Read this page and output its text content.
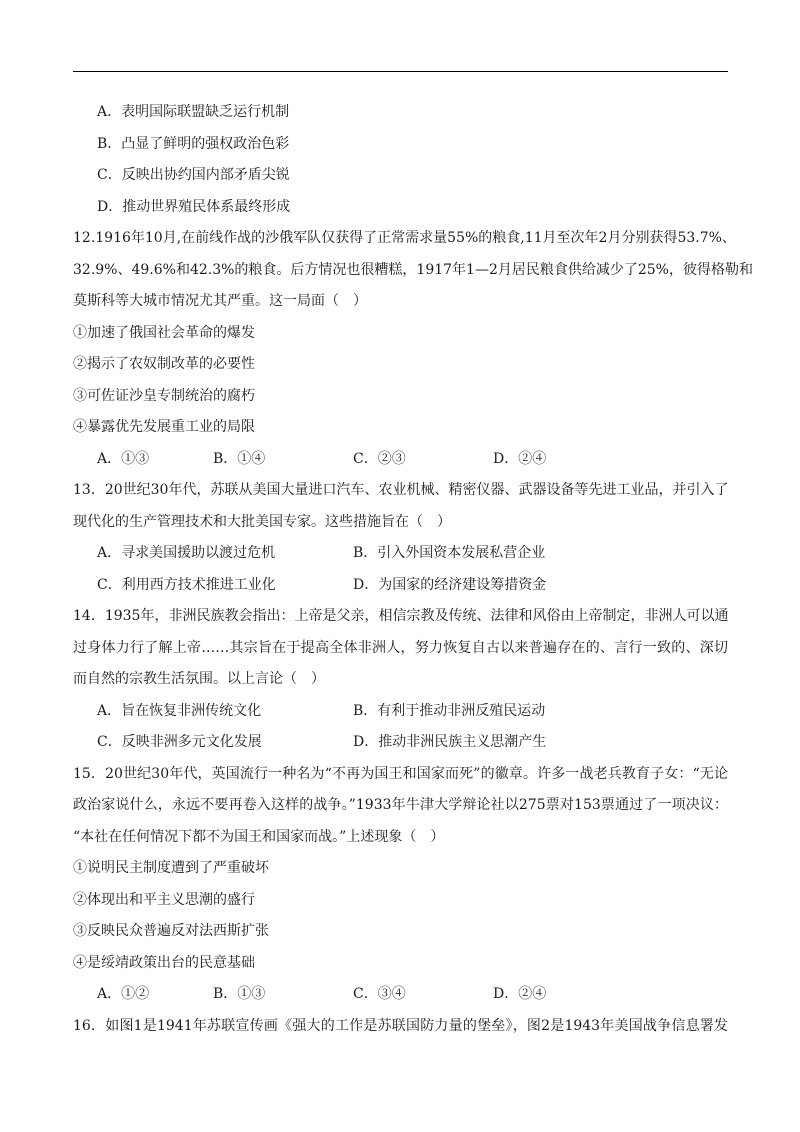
A．表明国际联盟缺乏运行机制
B．凸显了鲜明的强权政治色彩
C．反映出协约国内部矛盾尖锐
D．推动世界殖民体系最终形成
12.1916年10月,在前线作战的沙俄军队仅获得了正常需求量55%的粮食,11月至次年2月分别获得53.7%、
32.9%、49.6%和42.3%的粮食。后方情况也很糟糕，1917年1—2月居民粮食供给减少了25%，彼得格勒和
莫斯科等大城市情况尤其严重。这一局面（　）
①加速了俄国社会革命的爆发
②揭示了农奴制改革的必要性
③可佐证沙皇专制统治的腐朽
④暴露优先发展重工业的局限
A．①③	B．①④	C．②③	D．②④
13．20世纪30年代，苏联从美国大量进口汽车、农业机械、精密仪器、武器设备等先进工业品，并引入了
现代化的生产管理技术和大批美国专家。这些措施旨在（　）
A．寻求美国援助以渡过危机	B．引入外国资本发展私营企业
C．利用西方技术推进工业化	D．为国家的经济建设筹措资金
14．1935年，非洲民族教会指出：上帝是父亲，相信宗教及传统、法律和风俗由上帝制定，非洲人可以通
过身体力行了解上帝……其宗旨在于提高全体非洲人，努力恢复自古以来普遍存在的、言行一致的、深切
而自然的宗教生活氛围。以上言论（　）
A．旨在恢复非洲传统文化	B．有利于推动非洲反殖民运动
C．反映非洲多元文化发展	D．推动非洲民族主义思潮产生
15．20世纪30年代，英国流行一种名为“不再为国王和国家而死”的徽章。许多一战老兵教育子女：“无论
政治家说什么，永远不要再卷入这样的战争。”1933年牛津大学辩论社以275票对153票通过了一项决议：
“本社在任何情况下都不为国王和国家而战。”上述现象（　）
①说明民主制度遭到了严重破坏
②体现出和平主义思潮的盛行
③反映民众普遍反对法西斯扩张
④是绥靖政策出台的民意基础
A．①②	B．①③	C．③④	D．②④
16．如图1是1941年苏联宣传画《强大的工作是苏联国防力量的堡垒》，图2是1943年美国战争信息署发
